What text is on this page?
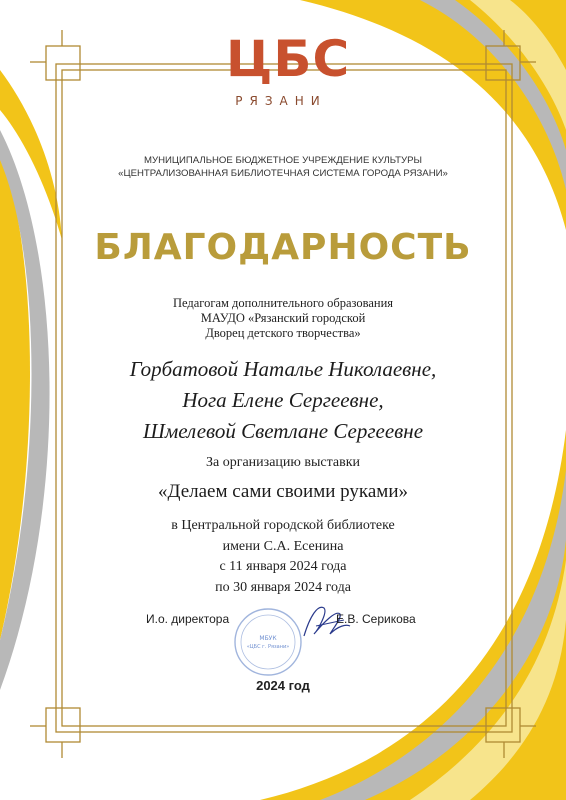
ЦБС
РЯЗАНИ
МУНИЦИПАЛЬНОЕ БЮДЖЕТНОЕ УЧРЕЖДЕНИЕ КУЛЬТУРЫ
«ЦЕНТРАЛИЗОВАННАЯ БИБЛИОТЕЧНАЯ СИСТЕМА ГОРОДА РЯЗАНИ»
БЛАГОДАРНОСТЬ
Педагогам дополнительного образования
МАУДО «Рязанский городской
Дворец детского творчества»
Горбатовой Наталье Николаевне,
Нога Елене Сергеевне,
Шмелевой Светлане Сергеевне
За организацию выставки
«Делаем сами своими руками»
в Центральной городской библиотеке
имени С.А. Есенина
с 11 января 2024 года
по 30 января 2024 года
МБУК
«ЦБС г. Рязани»
И.о. директора	Е.В. Серикова
2024 год
